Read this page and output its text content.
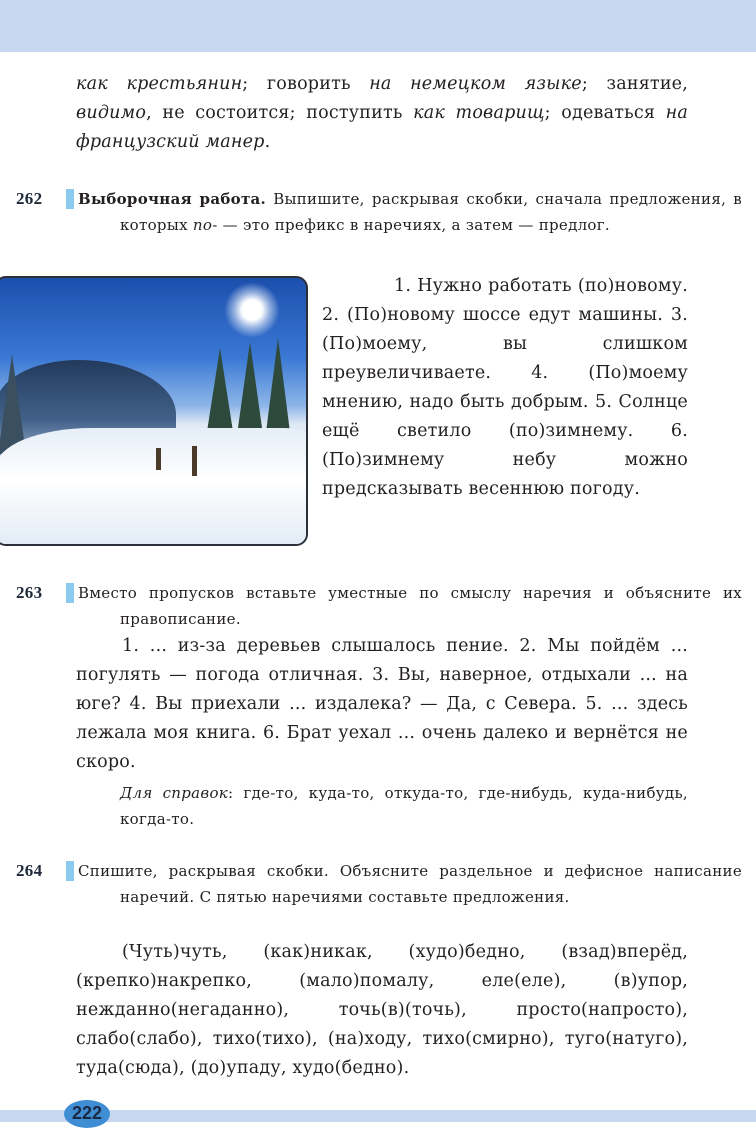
как крестьянин; говорить на немецком языке; занятие, видимо, не состоится; поступить как товарищ; одеваться на французский манер.
262 Выборочная работа. Выпишите, раскрывая скобки, сначала предложения, в которых по- — это префикс в наречиях, а затем — предлог.
1. Нужно работать (по)новому. 2. (По)новому шоссе едут машины. 3. (По)моему, вы слишком преувеличиваете. 4. (По)моему мнению, надо быть добрым. 5. Солнце ещё светило (по)зимнему. 6. (По)зимнему небу можно предсказывать весеннюю погоду.
263 Вместо пропусков вставьте уместные по смыслу наречия и объясните их правописание.
1. ... из-за деревьев слышалось пение. 2. Мы пойдём ... погулять — погода отличная. 3. Вы, наверное, отдыхали ... на юге? 4. Вы приехали ... издалека? — Да, с Севера. 5. ... здесь лежала моя книга. 6. Брат уехал ... очень далеко и вернётся не скоро.
Для справок: где-то, куда-то, откуда-то, где-нибудь, куда-нибудь, когда-то.
264 Спишите, раскрывая скобки. Объясните раздельное и дефисное написание наречий. С пятью наречиями составьте предложения.
(Чуть)чуть, (как)никак, (худо)бедно, (взад)вперёд, (крепко)накрепко, (мало)помалу, еле(еле), (в)упор, нежданно(негаданно), точь(в)(точь), просто(напросто), слабо(слабо), тихо(тихо), (на)ходу, тихо(смирно), туго(натуго), туда(сюда), (до)упаду, худо(бедно).
222
